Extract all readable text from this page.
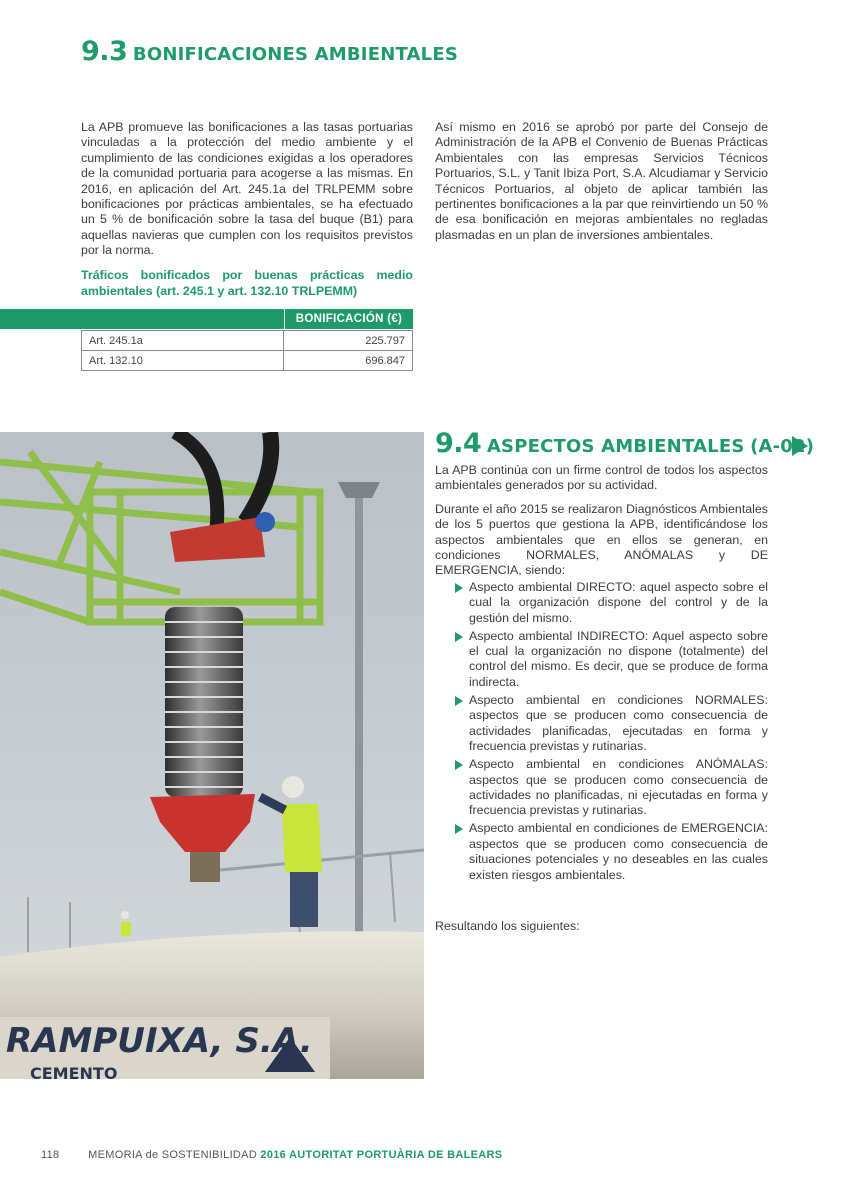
9.3 BONIFICACIONES AMBIENTALES

La APB promueve las bonificaciones a las tasas portuarias vinculadas a la protección del medio ambiente y el cumplimiento de las condiciones exigidas a los operadores de la comunidad portuaria para acogerse a las mismas. En 2016, en aplicación del Art. 245.1a del TRLPEMM sobre bonificaciones por prácticas ambientales, se ha efectuado un 5 % de bonificación sobre la tasa del buque (B1) para aquellas navieras que cumplen con los requisitos previstos por la norma.

Así mismo en 2016 se aprobó por parte del Consejo de Administración de la APB el Convenio de Buenas Prácticas Ambientales con las empresas Servicios Técnicos Portuarios, S.L. y Tanit Ibiza Port, S.A. Alcudiamar y Servicio Técnicos Portuarios, al objeto de aplicar también las pertinentes bonificaciones a la par que reinvirtiendo un 50 % de esa bonificación en mejoras ambientales no regladas plasmadas en un plan de inversiones ambientales.

Tráficos bonificados por buenas prácticas medio ambientales (art. 245.1 y art. 132.10 TRLPEMM)
BONIFICACIÓN (€)
Art. 245.1a	225.797
Art. 132.10	696.847
RAMPUIXA, S.A.
CEMENTO
9.4 ASPECTOS AMBIENTALES (A-02)

La APB continúa con un firme control de todos los aspectos ambientales generados por su actividad.

Durante el año 2015 se realizaron Diagnósticos Ambientales de los 5 puertos que gestiona la APB, identificándose los aspectos ambientales que en ellos se generan, en condiciones NORMALES, ANÓMALAS y DE EMERGENCIA, siendo:

Aspecto ambiental DIRECTO: aquel aspecto sobre el cual la organización dispone del control y de la gestión del mismo.
Aspecto ambiental INDIRECTO: Aquel aspecto sobre el cual la organización no dispone (totalmente) del control del mismo. Es decir, que se produce de forma indirecta.
Aspecto ambiental en condiciones NORMALES: aspectos que se producen como consecuencia de actividades planificadas, ejecutadas en forma y frecuencia previstas y rutinarias.
Aspecto ambiental en condiciones ANÓMALAS: aspectos que se producen como consecuencia de actividades no planificadas, ni ejecutadas en forma y frecuencia previstas y rutinarias.
Aspecto ambiental en condiciones de EMERGENCIA: aspectos que se producen como consecuencia de situaciones potenciales y no deseables en las cuales existen riesgos ambientales.

Resultando los siguientes:

118	MEMORIA de SOSTENIBILIDAD 2016 AUTORITAT PORTUÀRIA DE BALEARS
